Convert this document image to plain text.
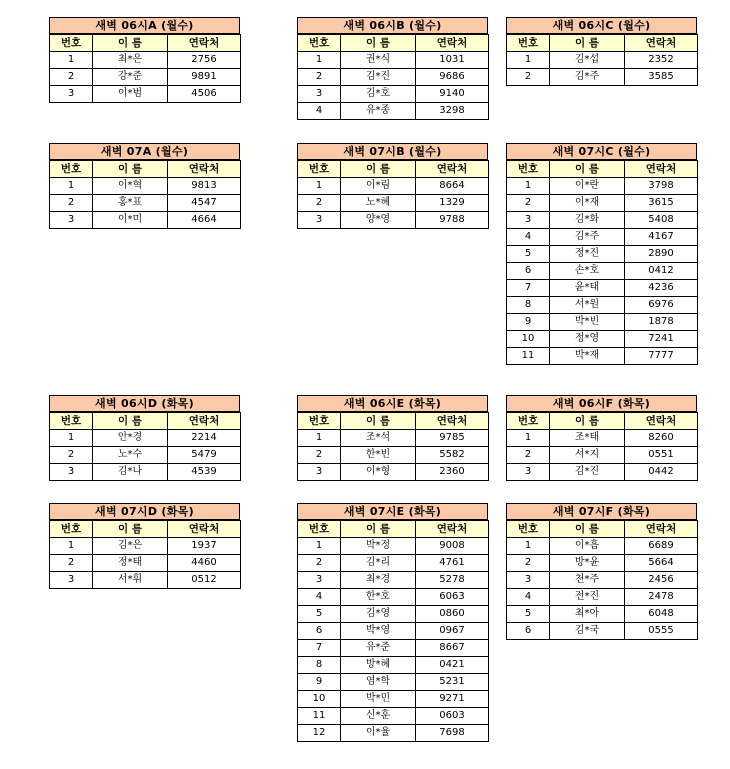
새벽 06시A (월수)
번호	이 름	연락처
1	최*은	2756
2	강*준	9891
3	이*범	4506
새벽 06시B (월수)
번호	이 름	연락처
1	권*식	1031
2	김*진	9686
3	김*호	9140
4	유*종	3298
새벽 06시C (월수)
번호	이 름	연락처
1	김*섭	2352
2	김*주	3585
새벽 07A (월수)
번호	이 름	연락처
1	이*혁	9813
2	홍*표	4547
3	이*미	4664
새벽 07시B (월수)
번호	이 름	연락처
1	이*림	8664
2	노*혜	1329
3	양*영	9788
새벽 07시C (월수)
번호	이 름	연락처
1	이*란	3798
2	이*재	3615
3	김*화	5408
4	김*주	4167
5	정*진	2890
6	손*호	0412
7	윤*태	4236
8	서*원	6976
9	박*빈	1878
10	정*영	7241
11	박*재	7777
새벽 06시D (화목)
번호	이 름	연락처
1	안*경	2214
2	노*수	5479
3	김*나	4539
새벽 06시E (화목)
번호	이 름	연락처
1	조*석	9785
2	한*빈	5582
3	이*형	2360
새벽 06시F (화목)
번호	이 름	연락처
1	조*태	8260
2	서*지	0551
3	김*진	0442
새벽 07시D (화목)
번호	이 름	연락처
1	김*은	1937
2	정*태	4460
3	서*휘	0512
새벽 07시E (화목)
번호	이 름	연락처
1	박*정	9008
2	김*리	4761
3	최*경	5278
4	한*호	6063
5	김*영	0860
6	박*영	0967
7	유*준	8667
8	방*혜	0421
9	염*학	5231
10	박*민	9271
11	신*훈	0603
12	이*율	7698
새벽 07시F (화목)
번호	이 름	연락처
1	이*흠	6689
2	방*윤	5664
3	천*주	2456
4	전*진	2478
5	최*아	6048
6	김*국	0555
